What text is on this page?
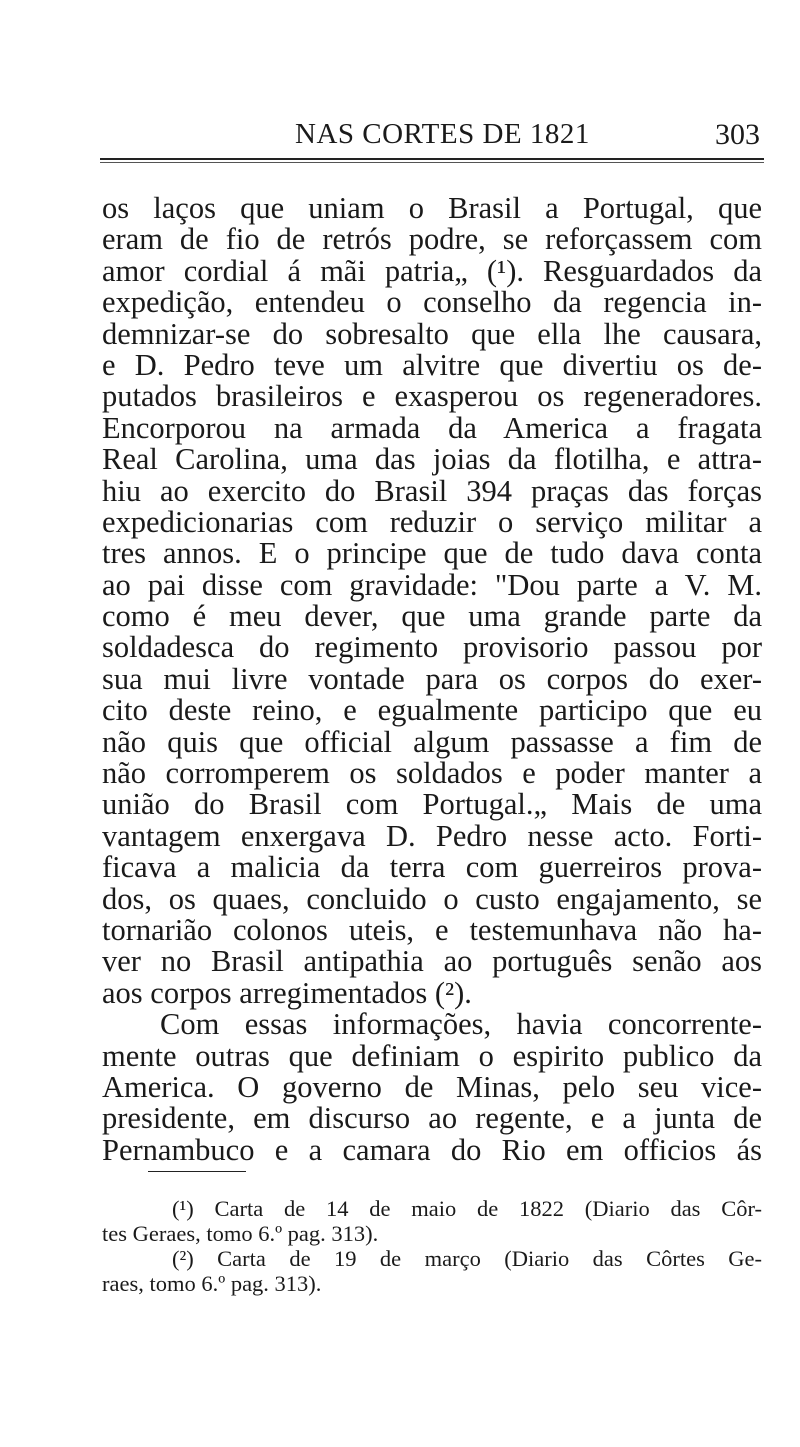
NAS CORTES DE 1821	303
os laços que uniam o Brasil a Portugal, que
eram de fio de retrós podre, se reforçassem com
amor cordial á mãi patria„ (¹). Resguardados da
expedição, entendeu o conselho da regencia in-
demnizar-se do sobresalto que ella lhe causara,
e D. Pedro teve um alvitre que divertiu os de-
putados brasileiros e exasperou os regeneradores.
Encorporou na armada da America a fragata
Real Carolina, uma das joias da flotilha, e attra-
hiu ao exercito do Brasil 394 praças das forças
expedicionarias com reduzir o serviço militar a
tres annos. E o principe que de tudo dava conta
ao pai disse com gravidade: "Dou parte a V. M.
como é meu dever, que uma grande parte da
soldadesca do regimento provisorio passou por
sua mui livre vontade para os corpos do exer-
cito deste reino, e egualmente participo que eu
não quis que official algum passasse a fim de
não corromperem os soldados e poder manter a
união do Brasil com Portugal.„ Mais de uma
vantagem enxergava D. Pedro nesse acto. Forti-
ficava a malicia da terra com guerreiros prova-
dos, os quaes, concluido o custo engajamento, se
tornarião colonos uteis, e testemunhava não ha-
ver no Brasil antipathia ao português senão aos
aos corpos arregimentados (²).
Com essas informações, havia concorrente-
mente outras que definiam o espirito publico da
America. O governo de Minas, pelo seu vice-
presidente, em discurso ao regente, e a junta de
Pernambuco e a camara do Rio em officios ás
(¹) Carta de 14 de maio de 1822 (Diario das Côr-
tes Geraes, tomo 6.º pag. 313).
(²) Carta de 19 de março (Diario das Côrtes Ge-
raes, tomo 6.º pag. 313).
